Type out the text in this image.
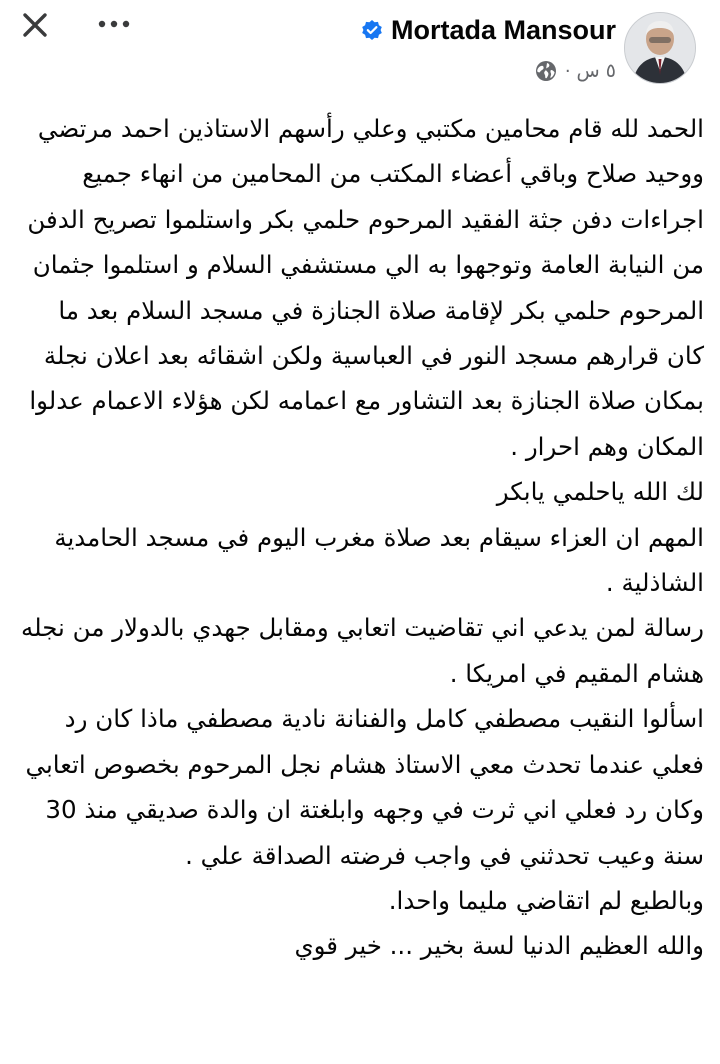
Mortada Mansour
٥ س
·

الحمد لله قام محامين مكتبي وعلي رأسهم الاستاذين احمد مرتضي ووحيد صلاح وباقي أعضاء المكتب من المحامين من انهاء جميع اجراءات دفن جثة الفقيد المرحوم حلمي بكر واستلموا تصريح الدفن من النيابة العامة وتوجهوا به الي مستشفي السلام و استلموا جثمان المرحوم حلمي بكر لإقامة صلاة الجنازة في مسجد السلام بعد ما كان قرارهم مسجد النور في العباسية ولكن اشقائه بعد اعلان نجلة بمكان صلاة الجنازة بعد التشاور مع اعمامه لكن هؤلاء الاعمام عدلوا المكان وهم احرار .

لك الله ياحلمي يابكر

المهم ان العزاء سيقام بعد صلاة مغرب اليوم في مسجد الحامدية الشاذلية .

رسالة لمن يدعي اني تقاضيت اتعابي ومقابل جهدي بالدولار من نجله هشام المقيم في امريكا .

اسألوا النقيب مصطفي كامل والفنانة نادية مصطفي ماذا كان رد فعلي عندما تحدث معي الاستاذ هشام نجل المرحوم بخصوص اتعابي وكان رد فعلي اني ثرت في وجهه وابلغتة ان والدة صديقي منذ 30 سنة وعيب تحدثني في واجب فرضته الصداقة علي .

وبالطبع لم اتقاضي مليما واحدا.

والله العظيم الدنيا لسة بخير ... خير قوي
